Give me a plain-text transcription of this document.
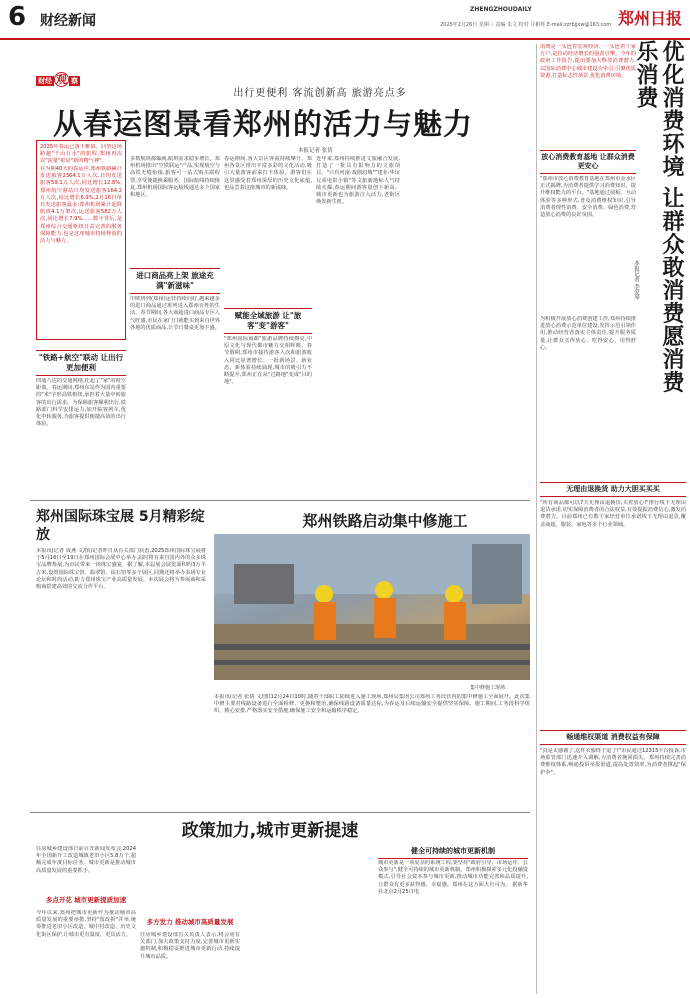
6 财经新闻
ZHENGZHOUDAILY
2025年2月26日 星期三 责编 朱文 校对 汪彬辉 E-mail:zzrbjjxw@163.com 郑州日报
财经 观 察
出行更便利 客流创新高 旅游亮点多
从春运图景看郑州的活力与魅力
本报记者 张倩
2025年春运已落下帷幕。回望这场跨越"千山万水"的旅程,郑州再次以"流量"彰显"新的精气神"。
在为期40天的春运中,郑州铁路累计发送旅客2364.1万人次,日均发送旅客59.1万人次,同比增长12.8%;郑州航空港站日均发送旅客164.2万人次,同比增长6.9%,2月16日单日发送旅客最多;郑州机场累计起降航班4.1万架次,运送旅客582万人次,同比增长7.9%……数字背后,是郑州综合交通枢纽日益完善的服务保障能力,也是这座城市持续释放的活力与魅力。
多数航班都爆满,航班需求稳步增长。郑州机场推出"空铁联运"产品,实现航空与高铁无缝衔接,旅客可一站式购买联程票,享受便捷换乘服务。国际航线持续恢复,郑州机场国际客运航线通达多个国家和地区。
进口商品亮上架 旅途充满"新滋味"
中欧班列(郑州)运营持续向好,越来越多的进口商品通过班列进入郑州百姓的生活。春节期间,各大商超进口商品专区人气旺盛,市民在家门口就能买到来自世界各地的优质商品,让节日餐桌更加丰盛。
春运期间,各大景区客流持续攀升。郑州各景区推出丰富多彩的文化活动,吸引大量游客前来打卡体验。游客们在这里感受着郑州深厚的历史文化底蕴,也品尝着这座城市的新滋味。
赋能全域旅游 让"旅客"变"游客"
"郑州国际商都"旅游品牌持续擦亮,中原文化与现代都市魅力交相辉映。春节假期,郑州市接待游客人次和旅游收入同比显著增长。一批新场景、新业态、新体验持续涌现,城市的吸引力不断提升,郑州正在从"过路地"变成"目的地"。
近年来,郑州持续推进文旅融合发展,打造了一批具有影响力的文旅项目。"只有河南·戏剧幻城""建业·华谊兄弟电影小镇"等文旅新地标人气持续火爆,春运期间游客量创下新高。城市更新也为旅游注入活力,老街区焕发新生机。
"铁路+航空"联动 让出行更加便利
四通八达的交通网络,托起了"家"的时空距离。春运期间,郑州东站作为国内重要的"米"字形高铁枢纽,承担着大量中转旅客的出行需求。为保障旅客顺利出行,铁路部门科学安排运力,加开临客列车,优化中转服务,为旅客提供便捷高效的出行体验。
优化消费环境 让群众敢消费愿消费乐消费
本报记者 李爱琴
消费是一头连着宏观经济、一头连着千家万户,是拉动经济增长的强劲引擎。今年的政府工作报告,提出要加大释放消费潜力,以国际消费中心城市建设为牵引,引聚优质资源,打造标志性场景,优化消费环境。
放心消费教育基地 让群众消费更安心
"郑州市放心消费教育基地在郑州市金水区正式揭牌,为消费者提供学习消费知识、提升维权能力的平台。"基地通过展板、互动体验等多种形式,普及消费维权知识,引导消费者理性消费、安全消费、绿色消费,营造放心消费的良好氛围。
为积极开展放心消费创建工作,郑州持续推进放心消费示范单位建设,发挥示范引领作用,推动经营者落实主体责任,提升服务质量,让群众买得放心、吃得安心、用得舒心。
无理由退换货 助力大胆买买买
"所有商品都可以7天无理由退换货,买着放心!"推行线下无理由退货承诺,切实保障消费者的合法权益,有效提振消费信心,激发消费潜力。目前郑州已有数千家经营单位承诺线下无理由退货,覆盖商超、服装、家电等多个行业领域。
畅通维权渠道 消费权益有保障
"真是太感谢了,这件衣服终于退了!"市民通过12315平台投诉,市场监管部门迅速介入调解,为消费者挽回损失。郑州持续完善消费维权体系,畅通投诉举报渠道,提高处置效率,为消费者撑起"保护伞"。
郑州国际珠宝展 5月精彩绽放
本报讯(记者 成燕 文/图)记者昨日从有关部门获悉,2025郑州国际珠宝展将于5月16日至19日在郑州国际会展中心举办,届时将有来自国内外的众多珠宝品牌参展,为市民带来一场珠宝盛宴。据了解,本届展会展览面积约3万平方米,设置国际珠宝馆、翡翠馆、钻石馆等多个展区,同期还将举办多场专业论坛和时尚活动,助力郑州珠宝产业高质量发展。本次展会将为参展商和采购商搭建高效的交流合作平台。
郑州铁路启动集中修施工
集中修施工现场
本报讯(记者 张倩 文/图)12月24日10时,随着干部职工陆续进入施工现场,郑州局集团公司郑州工务段管内的集中修施工全面展开。此次集中修主要对线路设备进行全面检修、更换和整治,确保线路设备质量达标,为春运及后续运输安全提供坚实保障。施工期间,工务段科学组织、精心安排,严格落实安全措施,确保施工安全和运输秩序稳定。
政策加力,城市更新提速
住房城乡建设部日前召开新闻发布会,2024年全国新开工改造城镇老旧小区5.8万个,超额完成年度目标任务。城市更新是推动城市高质量发展的重要抓手。
多点开花 城市更新提质加速
今年以来,郑州把城市更新作为推动城市高质量发展的重要举措,坚持"留改拆"并举,统筹推进老旧小区改造、城中村改造、历史文化街区保护,让城市更有温度、更具活力。
多方发力 推动城市高质量发展
住房城乡建设部有关负责人表示,将会同有关部门,加大政策支持力度,完善城市更新实施机制,积极稳妥推进城市更新行动,持续提升城市品质。
健全可持续的城市更新机制
城市更新是一项复杂的系统工程,要坚持"政府引导、市场运作、公众参与",健全可持续的城市更新机制。郑州积极探索多元化投融资模式,引导社会资本参与城市更新,推动城市功能完善和品质提升,让群众有更多获得感、幸福感。郑州在这方面大有可为。 据新华社北京2月25日电
